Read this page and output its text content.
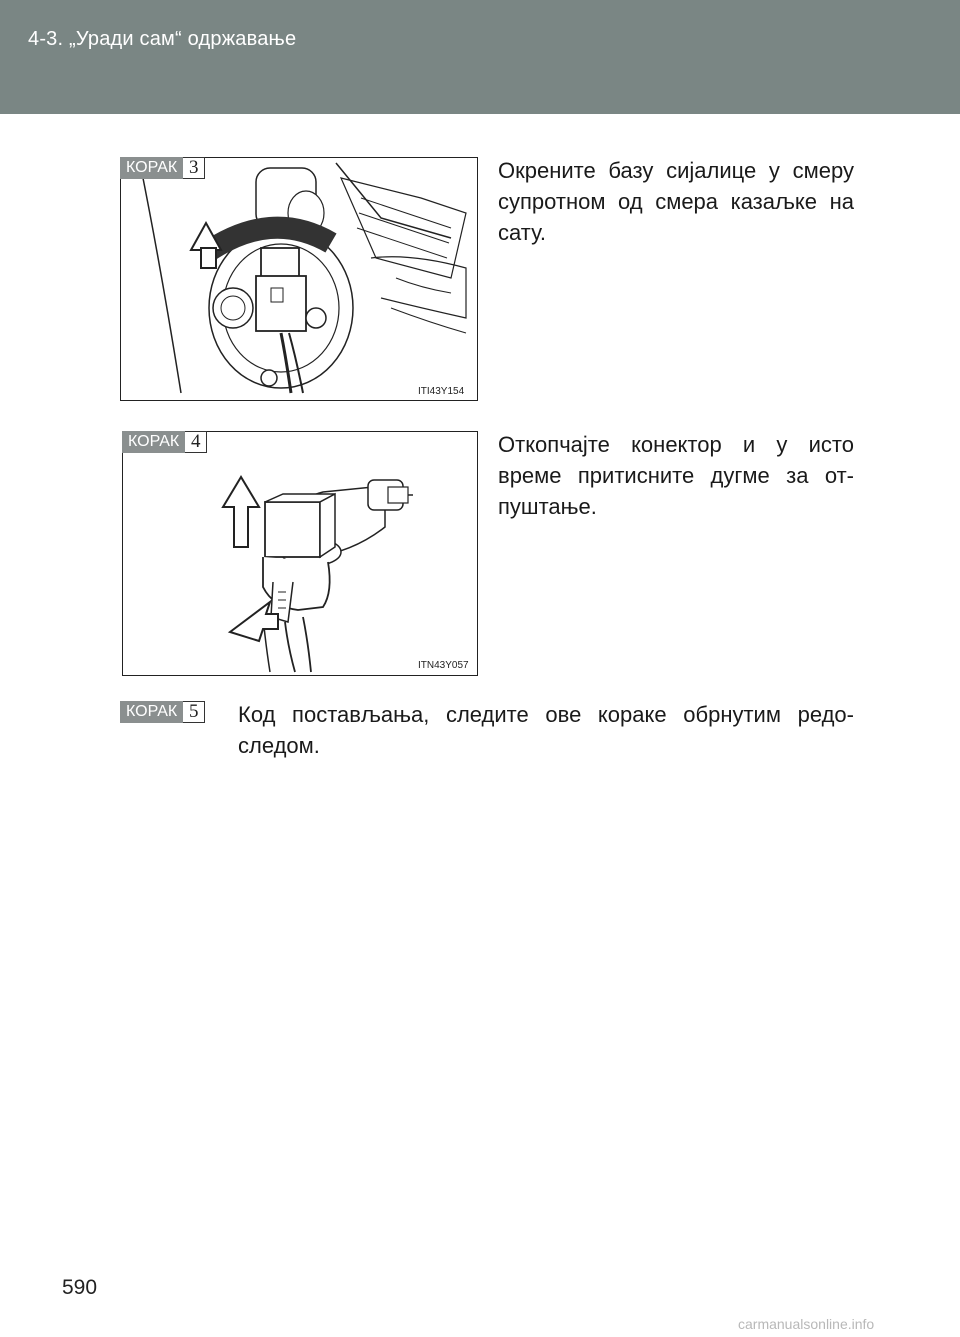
4-3. „Уради сам“ одржавање
КОРАК 3
ITI43Y154
Окрените базу сијалице у смеру супротном од смера казаљке на сату.
КОРАК 4
ITN43Y057
Откопчајте конектор и у исто време притисните дугме за от-пуштање.
КОРАК 5	Код постављања, следите ове кораке обрнутим редо-следом.
590
carmanualsonline.info
